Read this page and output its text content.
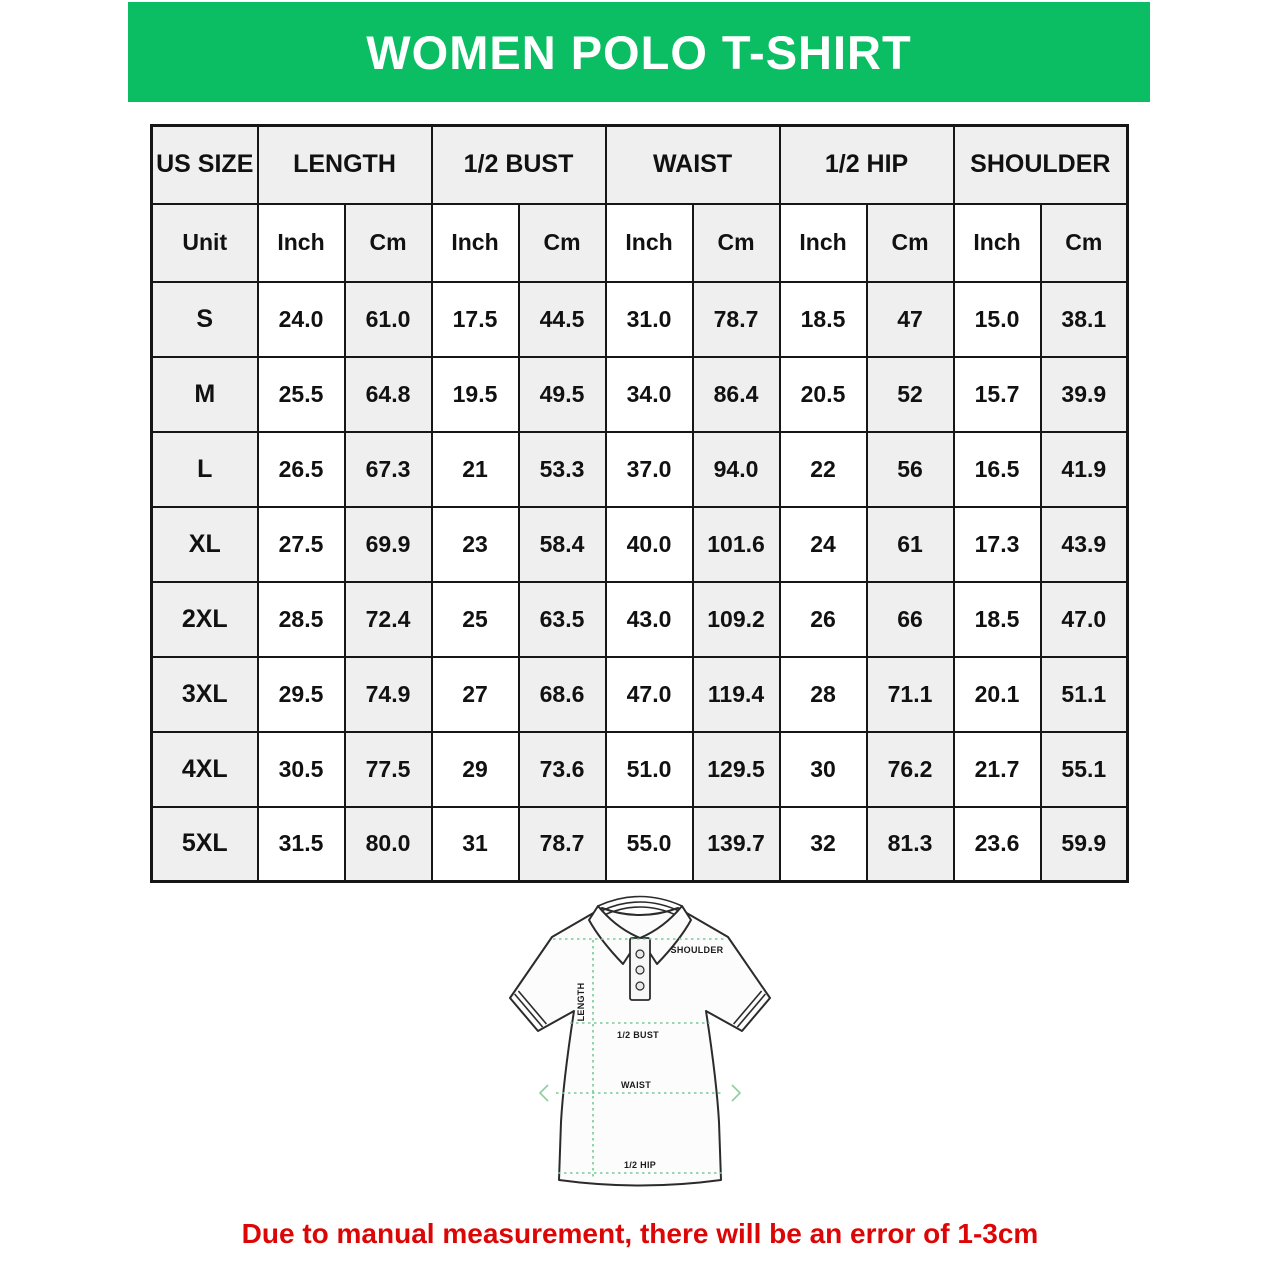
WOMEN POLO T-SHIRT
US SIZE	LENGTH		1/2 BUST		WAIST		1/2 HIP		SHOULDER	
Unit	Inch	Cm	Inch	Cm	Inch	Cm	Inch	Cm	Inch	Cm
S	24.0	61.0	17.5	44.5	31.0	78.7	18.5	47	15.0	38.1
M	25.5	64.8	19.5	49.5	34.0	86.4	20.5	52	15.7	39.9
L	26.5	67.3	21	53.3	37.0	94.0	22	56	16.5	41.9
XL	27.5	69.9	23	58.4	40.0	101.6	24	61	17.3	43.9
2XL	28.5	72.4	25	63.5	43.0	109.2	26	66	18.5	47.0
3XL	29.5	74.9	27	68.6	47.0	119.4	28	71.1	20.1	51.1
4XL	30.5	77.5	29	73.6	51.0	129.5	30	76.2	21.7	55.1
5XL	31.5	80.0	31	78.7	55.0	139.7	32	81.3	23.6	59.9
SHOULDER
LENGTH
1/2 BUST
WAIST
1/2 HIP

Due to manual measurement, there will be an error of 1-3cm
